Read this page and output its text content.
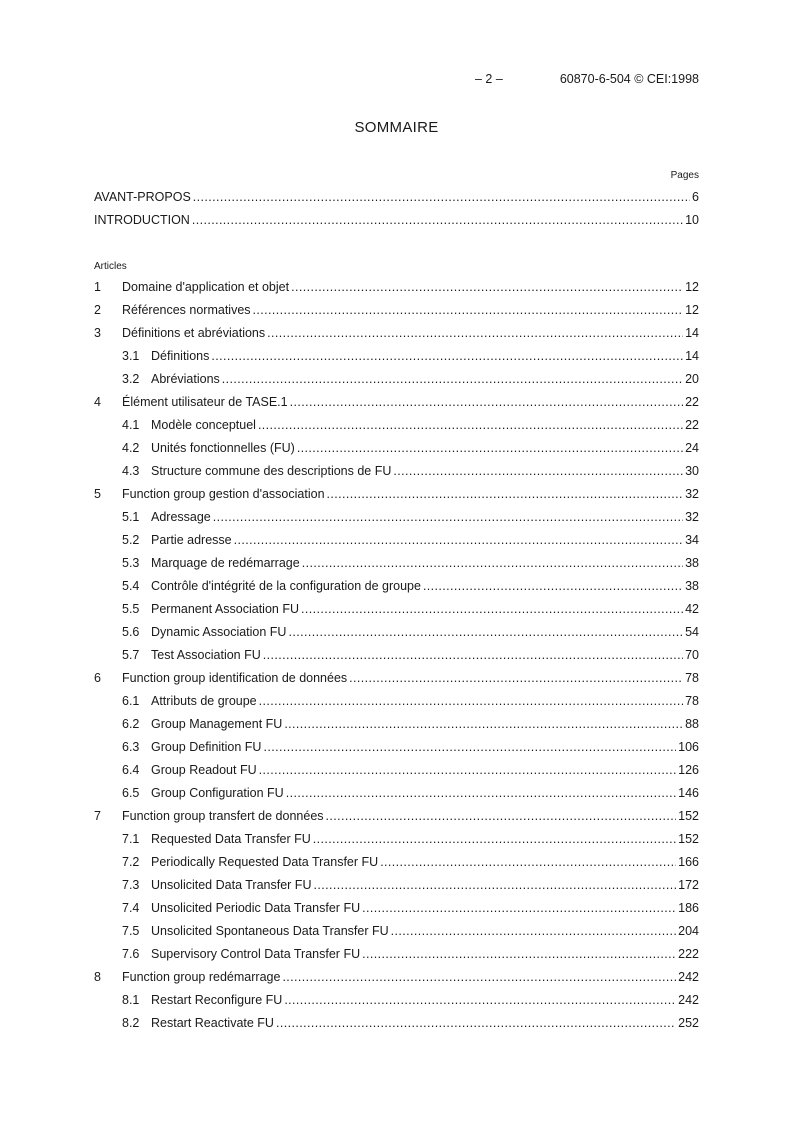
– 2 –	60870-6-504 © CEI:1998
SOMMAIRE
Pages
AVANT-PROPOS .....	6
INTRODUCTION .....	10
Articles
1	Domaine d'application et objet .....	12
2	Références normatives .....	12
3	Définitions et abréviations .....	14
3.1 Définitions .....	14
3.2 Abréviations .....	20
4	Élément utilisateur de TASE.1 .....	22
4.1 Modèle conceptuel .....	22
4.2 Unités fonctionnelles (FU) .....	24
4.3 Structure commune des descriptions de FU .....	30
5	Function group gestion d'association .....	32
5.1 Adressage .....	32
5.2 Partie adresse .....	34
5.3 Marquage de redémarrage .....	38
5.4 Contrôle d'intégrité de la configuration de groupe .....	38
5.5 Permanent Association FU .....	42
5.6 Dynamic Association FU .....	54
5.7 Test Association FU .....	70
6	Function group identification de données .....	78
6.1 Attributs de groupe .....	78
6.2 Group Management FU .....	88
6.3 Group Definition FU .....	106
6.4 Group Readout FU .....	126
6.5 Group Configuration FU .....	146
7	Function group transfert de données .....	152
7.1 Requested Data Transfer FU .....	152
7.2 Periodically Requested Data Transfer FU .....	166
7.3 Unsolicited Data Transfer FU .....	172
7.4 Unsolicited Periodic Data Transfer FU .....	186
7.5 Unsolicited Spontaneous Data Transfer FU .....	204
7.6 Supervisory Control Data Transfer FU .....	222
8	Function group redémarrage .....	242
8.1 Restart Reconfigure FU .....	242
8.2 Restart Reactivate FU .....	252
